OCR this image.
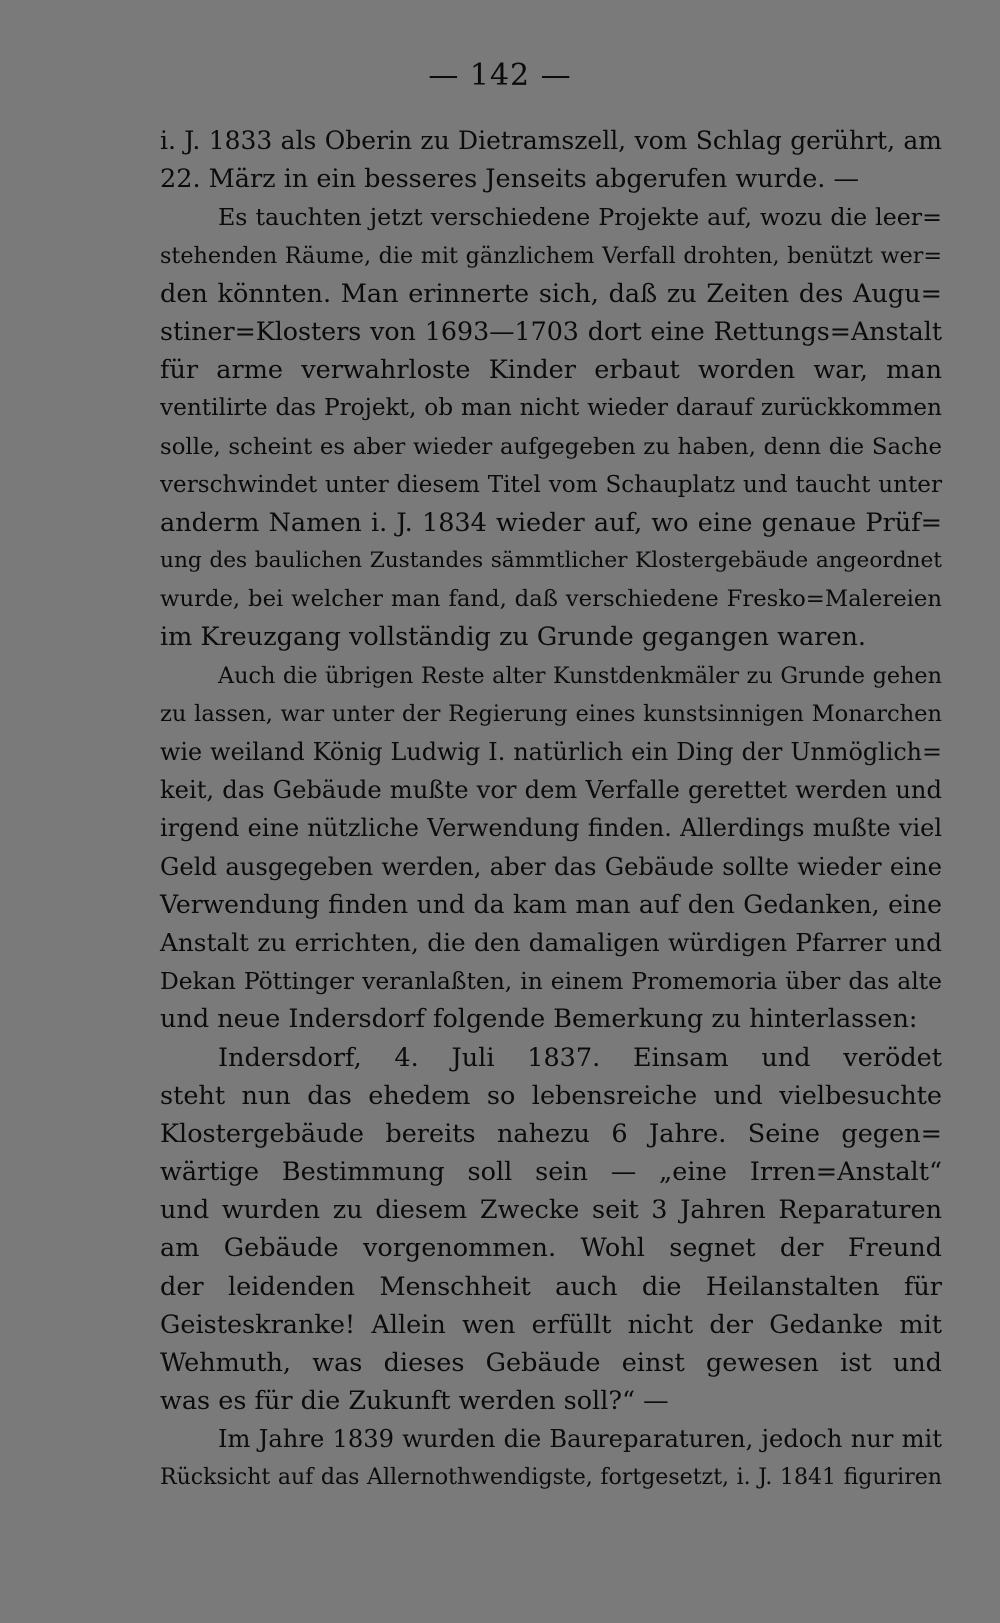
— 142 —
i. J. 1833 als Oberin zu Dietramszell, vom Schlag gerührt, am
22. März in ein besseres Jenseits abgerufen wurde. —
Es tauchten jetzt verschiedene Projekte auf, wozu die leer=
stehenden Räume, die mit gänzlichem Verfall drohten, benützt wer=
den könnten. Man erinnerte sich, daß zu Zeiten des Augu=
stiner=Klosters von 1693—1703 dort eine Rettungs=Anstalt
für arme verwahrloste Kinder erbaut worden war, man
ventilirte das Projekt, ob man nicht wieder darauf zurückkommen
solle, scheint es aber wieder aufgegeben zu haben, denn die Sache
verschwindet unter diesem Titel vom Schauplatz und taucht unter
anderm Namen i. J. 1834 wieder auf, wo eine genaue Prüf=
ung des baulichen Zustandes sämmtlicher Klostergebäude angeordnet
wurde, bei welcher man fand, daß verschiedene Fresko=Malereien
im Kreuzgang vollständig zu Grunde gegangen waren.
Auch die übrigen Reste alter Kunstdenkmäler zu Grunde gehen
zu lassen, war unter der Regierung eines kunstsinnigen Monarchen
wie weiland König Ludwig I. natürlich ein Ding der Unmöglich=
keit, das Gebäude mußte vor dem Verfalle gerettet werden und
irgend eine nützliche Verwendung finden. Allerdings mußte viel
Geld ausgegeben werden, aber das Gebäude sollte wieder eine
Verwendung finden und da kam man auf den Gedanken, eine
Anstalt zu errichten, die den damaligen würdigen Pfarrer und
Dekan Pöttinger veranlaßten, in einem Promemoria über das alte
und neue Indersdorf folgende Bemerkung zu hinterlassen:
Indersdorf, 4. Juli 1837. Einsam und verödet
steht nun das ehedem so lebensreiche und vielbesuchte
Klostergebäude bereits nahezu 6 Jahre. Seine gegen=
wärtige Bestimmung soll sein — „eine Irren=Anstalt“
und wurden zu diesem Zwecke seit 3 Jahren Reparaturen
am Gebäude vorgenommen. Wohl segnet der Freund
der leidenden Menschheit auch die Heilanstalten für
Geisteskranke! Allein wen erfüllt nicht der Gedanke mit
Wehmuth, was dieses Gebäude einst gewesen ist und
was es für die Zukunft werden soll?“ —
Im Jahre 1839 wurden die Baureparaturen, jedoch nur mit
Rücksicht auf das Allernothwendigste, fortgesetzt, i. J. 1841 figuriren
